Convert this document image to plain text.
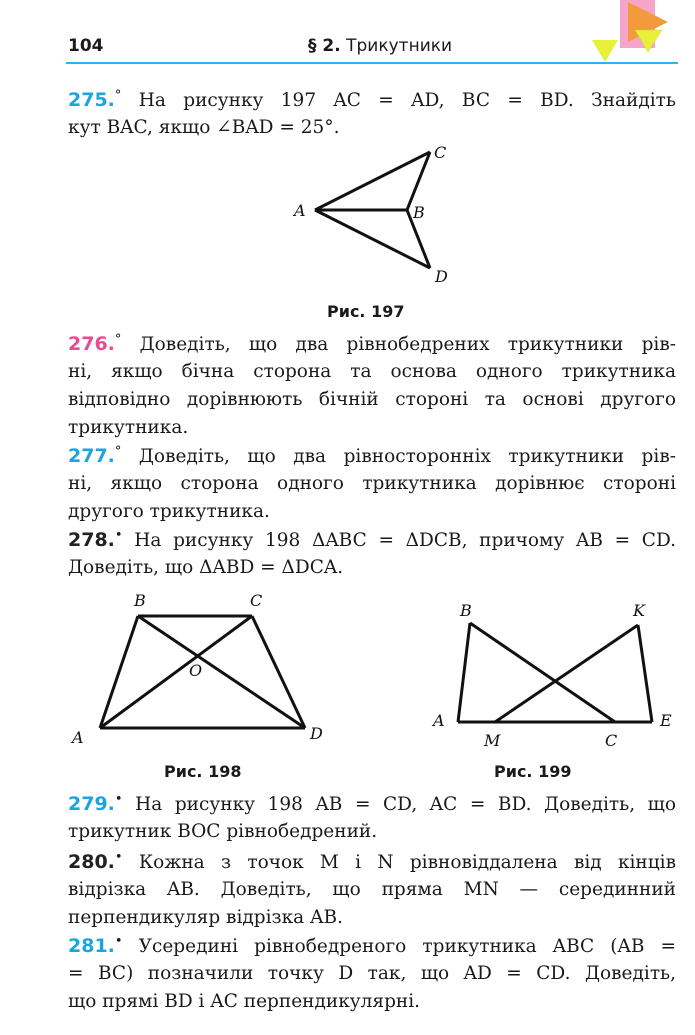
104	§ 2. Трикутники
275.° На рисунку 197 AC = AD, BC = BD. Знайдіть
кут BAC, якщо ∠BAD = 25°.
A	B
C
D
Рис. 197
276.° Доведіть, що два рівнобедрених трикутники рів-
ні, якщо бічна сторона та основа одного трикутника
відповідно дорівнюють бічній стороні та основі другого
трикутника.
277.° Доведіть, що два рівносторонніх трикутники рів-
ні, якщо сторона одного трикутника дорівнює стороні
другого трикутника.
278.• На рисунку 198 ΔABC = ΔDCB, причому AB = CD.
Доведіть, що ΔABD = ΔDCA.
A
B	C
D
O
Рис. 198
A
B	K
M	C
E
Рис. 199
279.• На рисунку 198 AB = CD, AC = BD. Доведіть, що
трикутник BOC рівнобедрений.
280.• Кожна з точок M і N рівновіддалена від кінців
відрізка AB. Доведіть, що пряма MN — серединний
перпендикуляр відрізка AB.
281.• Усередині рівнобедреного трикутника ABC (AB =
= BC) позначили точку D так, що AD = CD. Доведіть,
що прямі BD і AC перпендикулярні.
